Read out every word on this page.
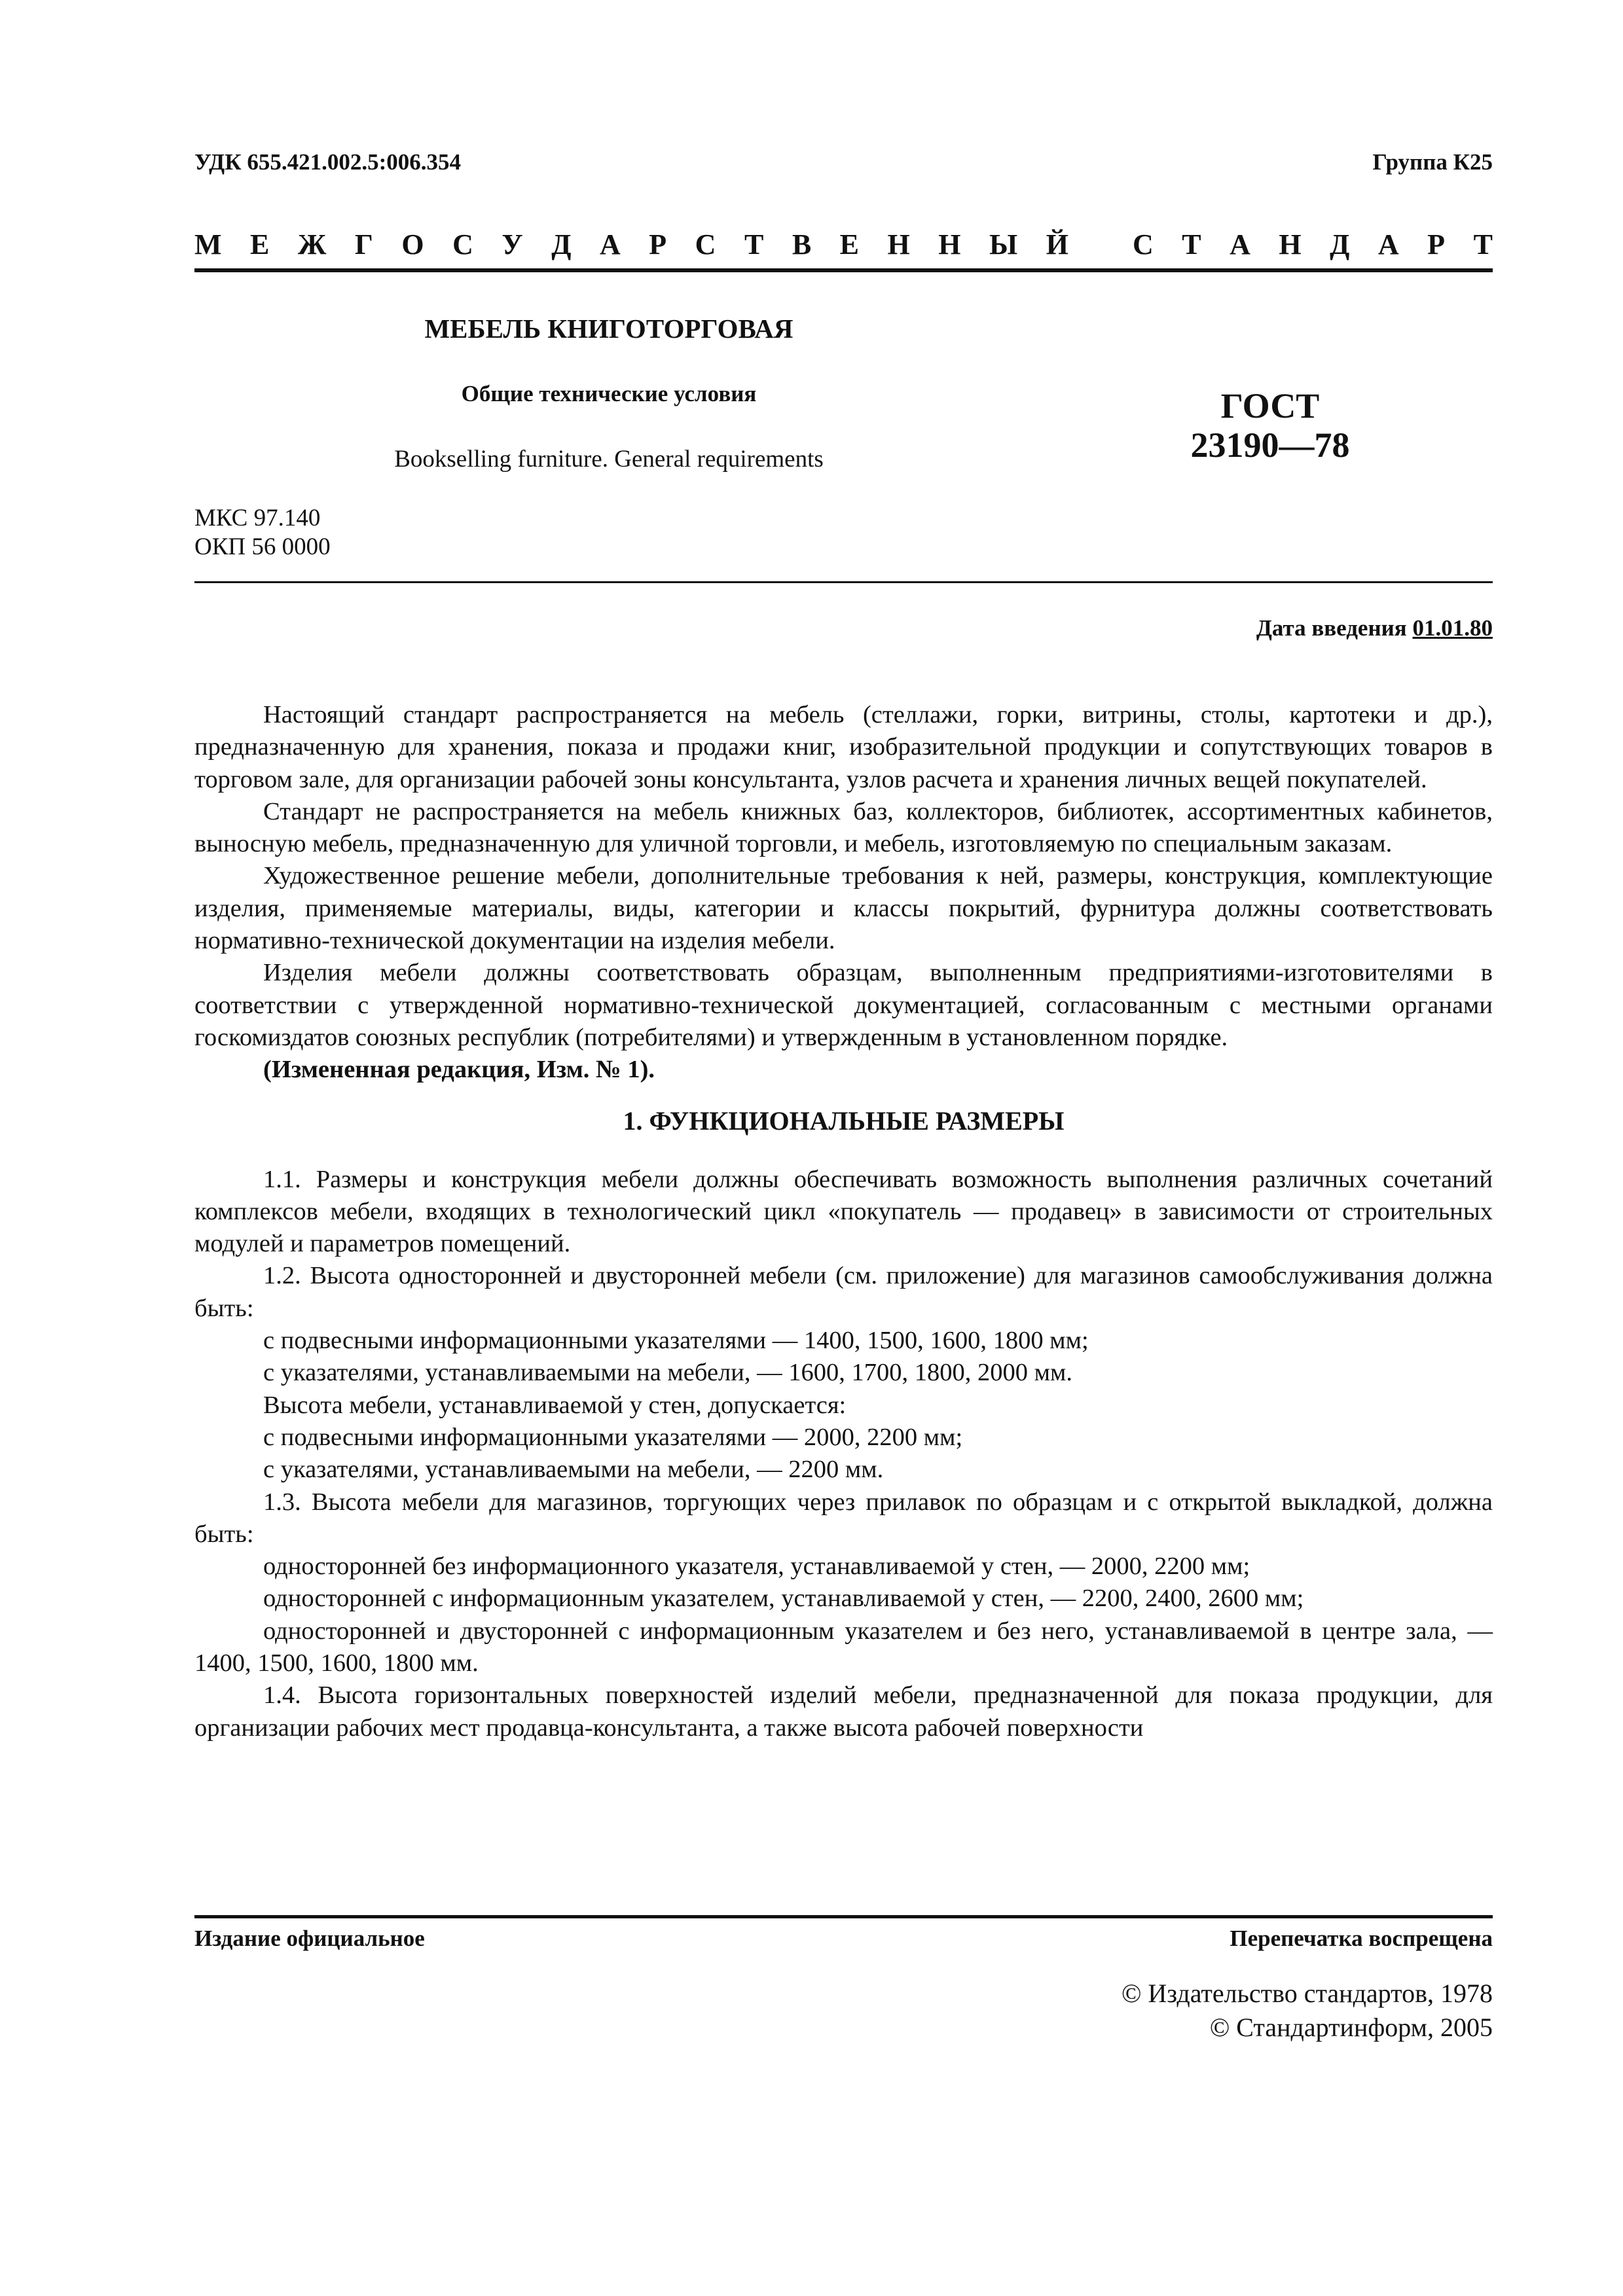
УДК 655.421.002.5:006.354	Группа К25
М Е Ж Г О С У Д А Р С Т В Е Н Н Ы Й
С Т А Н Д А Р Т
МЕБЕЛЬ КНИГОТОРГОВАЯ
Общие технические условия
Bookselling furniture. General requirements
ГОСТ
23190—78
МКС 97.140
ОКП 56 0000
Дата введения 01.01.80

Настоящий стандарт распространяется на мебель (стеллажи, горки, витрины, столы, картотеки и др.), предназначенную для хранения, показа и продажи книг, изобразительной продукции и сопутствующих товаров в торговом зале, для организации рабочей зоны консультанта, узлов расчета и хранения личных вещей покупателей.

Стандарт не распространяется на мебель книжных баз, коллекторов, библиотек, ассортиментных кабинетов, выносную мебель, предназначенную для уличной торговли, и мебель, изготовляемую по специальным заказам.

Художественное решение мебели, дополнительные требования к ней, размеры, конструкция, комплектующие изделия, применяемые материалы, виды, категории и классы покрытий, фурнитура должны соответствовать нормативно-технической документации на изделия мебели.

Изделия мебели должны соответствовать образцам, выполненным предприятиями-изготовителями в соответствии с утвержденной нормативно-технической документацией, согласованным с местными органами госкомиздатов союзных республик (потребителями) и утвержденным в установленном порядке.

(Измененная редакция, Изм. № 1).

1. ФУНКЦИОНАЛЬНЫЕ РАЗМЕРЫ

1.1. Размеры и конструкция мебели должны обеспечивать возможность выполнения различных сочетаний комплексов мебели, входящих в технологический цикл «покупатель — продавец» в зависимости от строительных модулей и параметров помещений.

1.2. Высота односторонней и двусторонней мебели (см. приложение) для магазинов самообслуживания должна быть:

с подвесными информационными указателями — 1400, 1500, 1600, 1800 мм;

с указателями, устанавливаемыми на мебели, — 1600, 1700, 1800, 2000 мм.

Высота мебели, устанавливаемой у стен, допускается:

с подвесными информационными указателями — 2000, 2200 мм;

с указателями, устанавливаемыми на мебели, — 2200 мм.

1.3. Высота мебели для магазинов, торгующих через прилавок по образцам и с открытой выкладкой, должна быть:

односторонней без информационного указателя, устанавливаемой у стен, — 2000, 2200 мм;

односторонней с информационным указателем, устанавливаемой у стен, — 2200, 2400, 2600 мм;

односторонней и двусторонней с информационным указателем и без него, устанавливаемой в центре зала, — 1400, 1500, 1600, 1800 мм.

1.4. Высота горизонтальных поверхностей изделий мебели, предназначенной для показа продукции, для организации рабочих мест продавца-консультанта, а также высота рабочей поверхности

Издание официальное	Перепечатка воспрещена
© Издательство стандартов, 1978
© Стандартинформ, 2005
